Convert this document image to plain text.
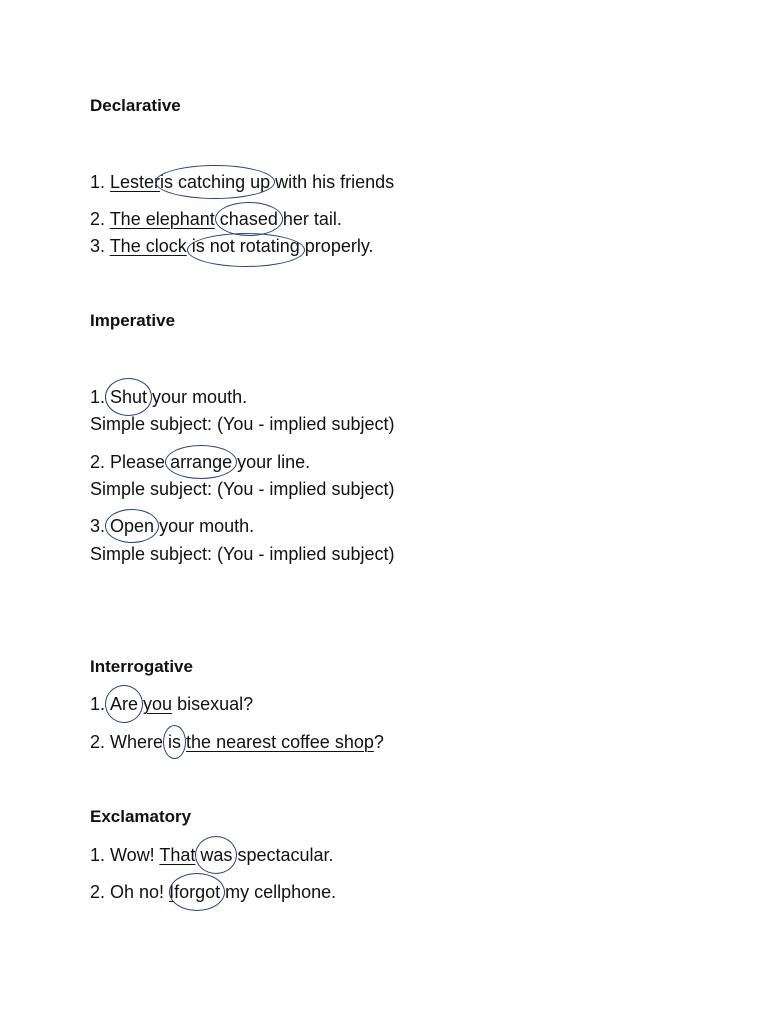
Declarative
1. Lesteris catching up with his friends
2. The elephant chased her tail.
3. The clock is not rotating properly.
Imperative
1. Shut your mouth.
Simple subject: (You - implied subject)
2. Please arrange your line.
Simple subject: (You - implied subject)
3. Open your mouth.
Simple subject: (You - implied subject)
Interrogative
1. Are you bisexual?
2. Where is the nearest coffee shop?
Exclamatory
1. Wow! That was spectacular.
2. Oh no! Iforgot my cellphone.
